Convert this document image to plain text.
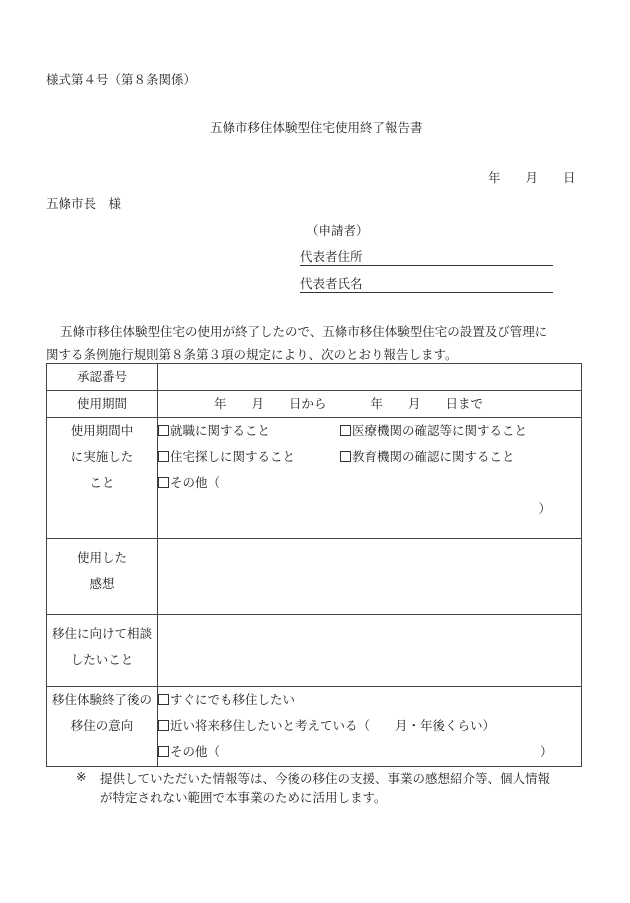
様式第４号（第８条関係）
五條市移住体験型住宅使用終了報告書
年　　月　　日
五條市長　様
（申請者）
代表者住所
代表者氏名
五條市移住体験型住宅の使用が終了したので、五條市移住体験型住宅の設置及び管理に
関する条例施行規則第８条第３項の規定により、次のとおり報告します。
承認番号	
使用期間	年　　月　　日から 年　　月　　日まで

使用期間中
に実施した
こと	就職に関すること 医療機関の確認等に関すること
住宅探しに関すること 教育機関の確認に関すること
その他（
）

使用した
感想	

移住に向けて相談
したいこと	

移住体験終了後の
移住の意向	すぐにでも移住したい
近い将来移住したいと考えている（　　月・年後くらい）
その他（ ）
※ 提供していただいた情報等は、今後の移住の支援、事業の感想紹介等、個人情報
が特定されない範囲で本事業のために活用します。
